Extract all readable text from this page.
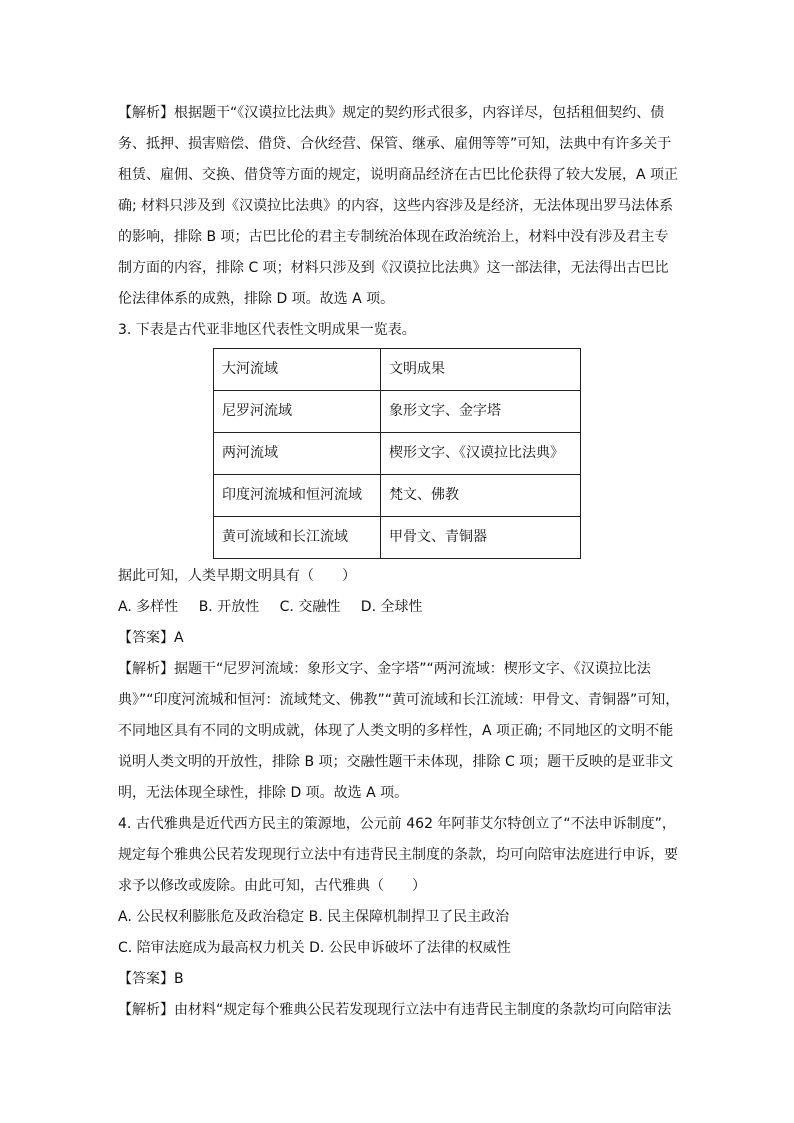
【解析】根据题干“《汉谟拉比法典》规定的契约形式很多，内容详尽，包括租佃契约、债
务、抵押、损害赔偿、借贷、合伙经营、保管、继承、雇佣等等”可知，法典中有许多关于
租赁、雇佣、交换、借贷等方面的规定，说明商品经济在古巴比伦获得了较大发展，A 项正
确; 材料只涉及到《汉谟拉比法典》的内容，这些内容涉及是经济，无法体现出罗马法体系
的影响，排除 B 项；古巴比伦的君主专制统治体现在政治统治上，材料中没有涉及君主专
制方面的内容，排除 C 项；材料只涉及到《汉谟拉比法典》这一部法律，无法得出古巴比
伦法律体系的成熟，排除 D 项。故选 A 项。
3. 下表是古代亚非地区代表性文明成果一览表。
大河流域	文明成果
尼罗河流域	象形文字、金字塔
两河流域	楔形文字、《汉谟拉比法典》
印度河流城和恒河流域	梵文、佛教
黄可流域和长江流域	甲骨文、青铜器
据此可知，人类早期文明具有（　　）
A. 多样性 B. 开放性 C. 交融性 D. 全球性
【答案】A
【解析】据题干“尼罗河流域：象形文字、金字塔”“两河流域：楔形文字、《汉谟拉比法
典》”“印度河流城和恒河：流域梵文、佛教”“黄可流域和长江流域：甲骨文、青铜器”可知，
不同地区具有不同的文明成就，体现了人类文明的多样性，A 项正确; 不同地区的文明不能
说明人类文明的开放性，排除 B 项；交融性题干未体现，排除 C 项；题干反映的是亚非文
明，无法体现全球性，排除 D 项。故选 A 项。
4. 古代雅典是近代西方民主的策源地，公元前 462 年阿菲艾尔特创立了“不法申诉制度”，
规定每个雅典公民若发现现行立法中有违背民主制度的条款，均可向陪审法庭进行申诉，要
求予以修改或废除。由此可知，古代雅典（　　）
A. 公民权利膨胀危及政治稳定 B. 民主保障机制捍卫了民主政治
C. 陪审法庭成为最高权力机关 D. 公民申诉破坏了法律的权威性
【答案】B
【解析】由材料“规定每个雅典公民若发现现行立法中有违背民主制度的条款均可向陪审法
